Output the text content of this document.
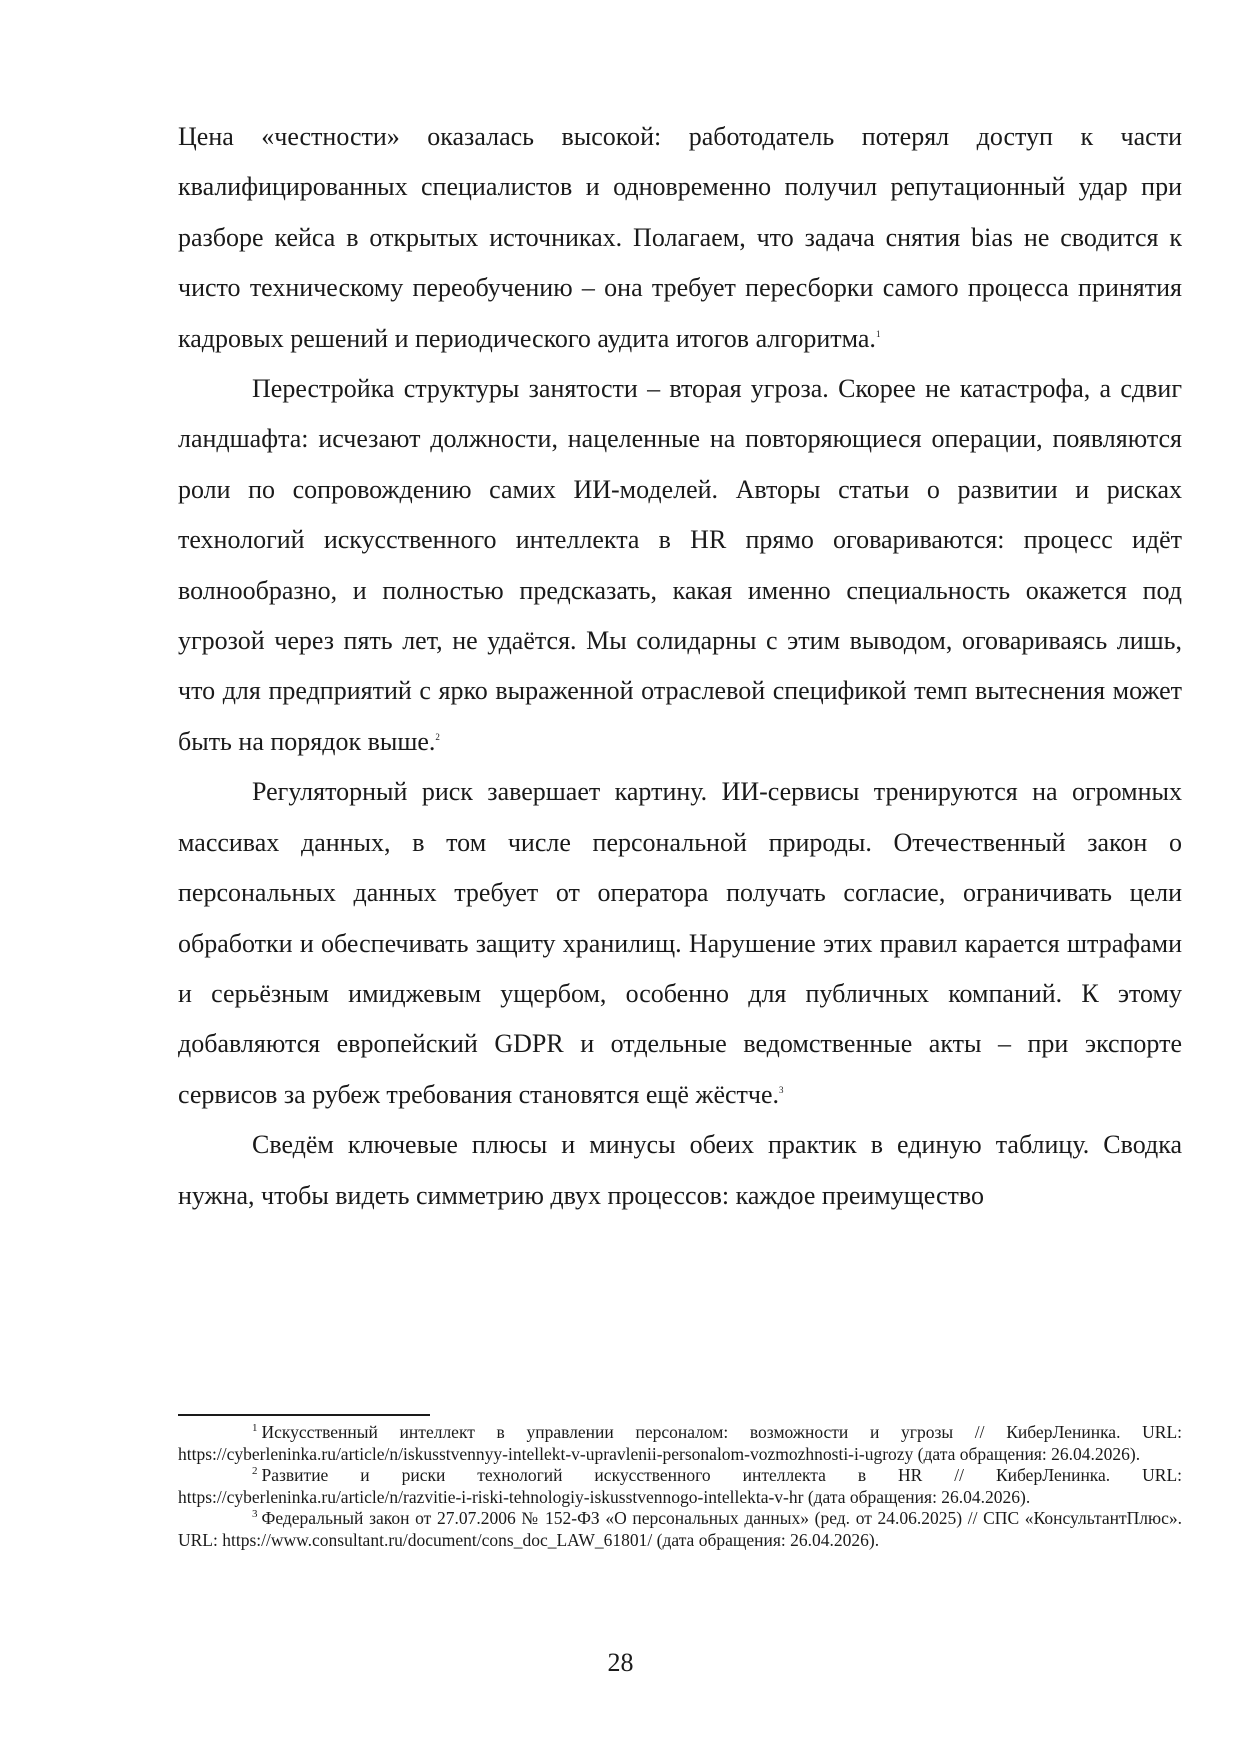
Цена «честности» оказалась высокой: работодатель потерял доступ к части квалифицированных специалистов и одновременно получил репутационный удар при разборе кейса в открытых источниках. Полагаем, что задача снятия bias не сводится к чисто техническому переобучению – она требует пересборки самого процесса принятия кадровых решений и периодического аудита итогов алгоритма.$^1$

Перестройка структуры занятости – вторая угроза. Скорее не катастрофа, а сдвиг ландшафта: исчезают должности, нацеленные на повторяющиеся операции, появляются роли по сопровождению самих ИИ-моделей. Авторы статьи о развитии и рисках технологий искусственного интеллекта в HR прямо оговариваются: процесс идёт волнообразно, и полностью предсказать, какая именно специальность окажется под угрозой через пять лет, не удаётся. Мы солидарны с этим выводом, оговариваясь лишь, что для предприятий с ярко выраженной отраслевой спецификой темп вытеснения может быть на порядок выше.$^2$

Регуляторный риск завершает картину. ИИ-сервисы тренируются на огромных массивах данных, в том числе персональной природы. Отечественный закон о персональных данных требует от оператора получать согласие, ограничивать цели обработки и обеспечивать защиту хранилищ. Нарушение этих правил карается штрафами и серьёзным имиджевым ущербом, особенно для публичных компаний. К этому добавляются европейский GDPR и отдельные ведомственные акты – при экспорте сервисов за рубеж требования становятся ещё жёстче.$^3$

Сведём ключевые плюсы и минусы обеих практик в единую таблицу. Сводка нужна, чтобы видеть симметрию двух процессов: каждое преимущество

$^1$ Искусственный интеллект в управлении персоналом: возможности и угрозы // КиберЛенинка. URL: https://cyberleninka.ru/article/n/iskusstvennyy-intellekt-v-upravlenii-personalom-vozmozhnosti-i-ugrozy (дата обращения: 26.04.2026).

$^2$ Развитие и риски технологий искусственного интеллекта в HR // КиберЛенинка. URL: https://cyberleninka.ru/article/n/razvitie-i-riski-tehnologiy-iskusstvennogo-intellekta-v-hr (дата обращения: 26.04.2026).

$^3$ Федеральный закон от 27.07.2006 № 152-ФЗ «О персональных данных» (ред. от 24.06.2025) // СПС «КонсультантПлюс». URL: https://www.consultant.ru/document/cons_doc_LAW_61801/ (дата обращения: 26.04.2026).

28
